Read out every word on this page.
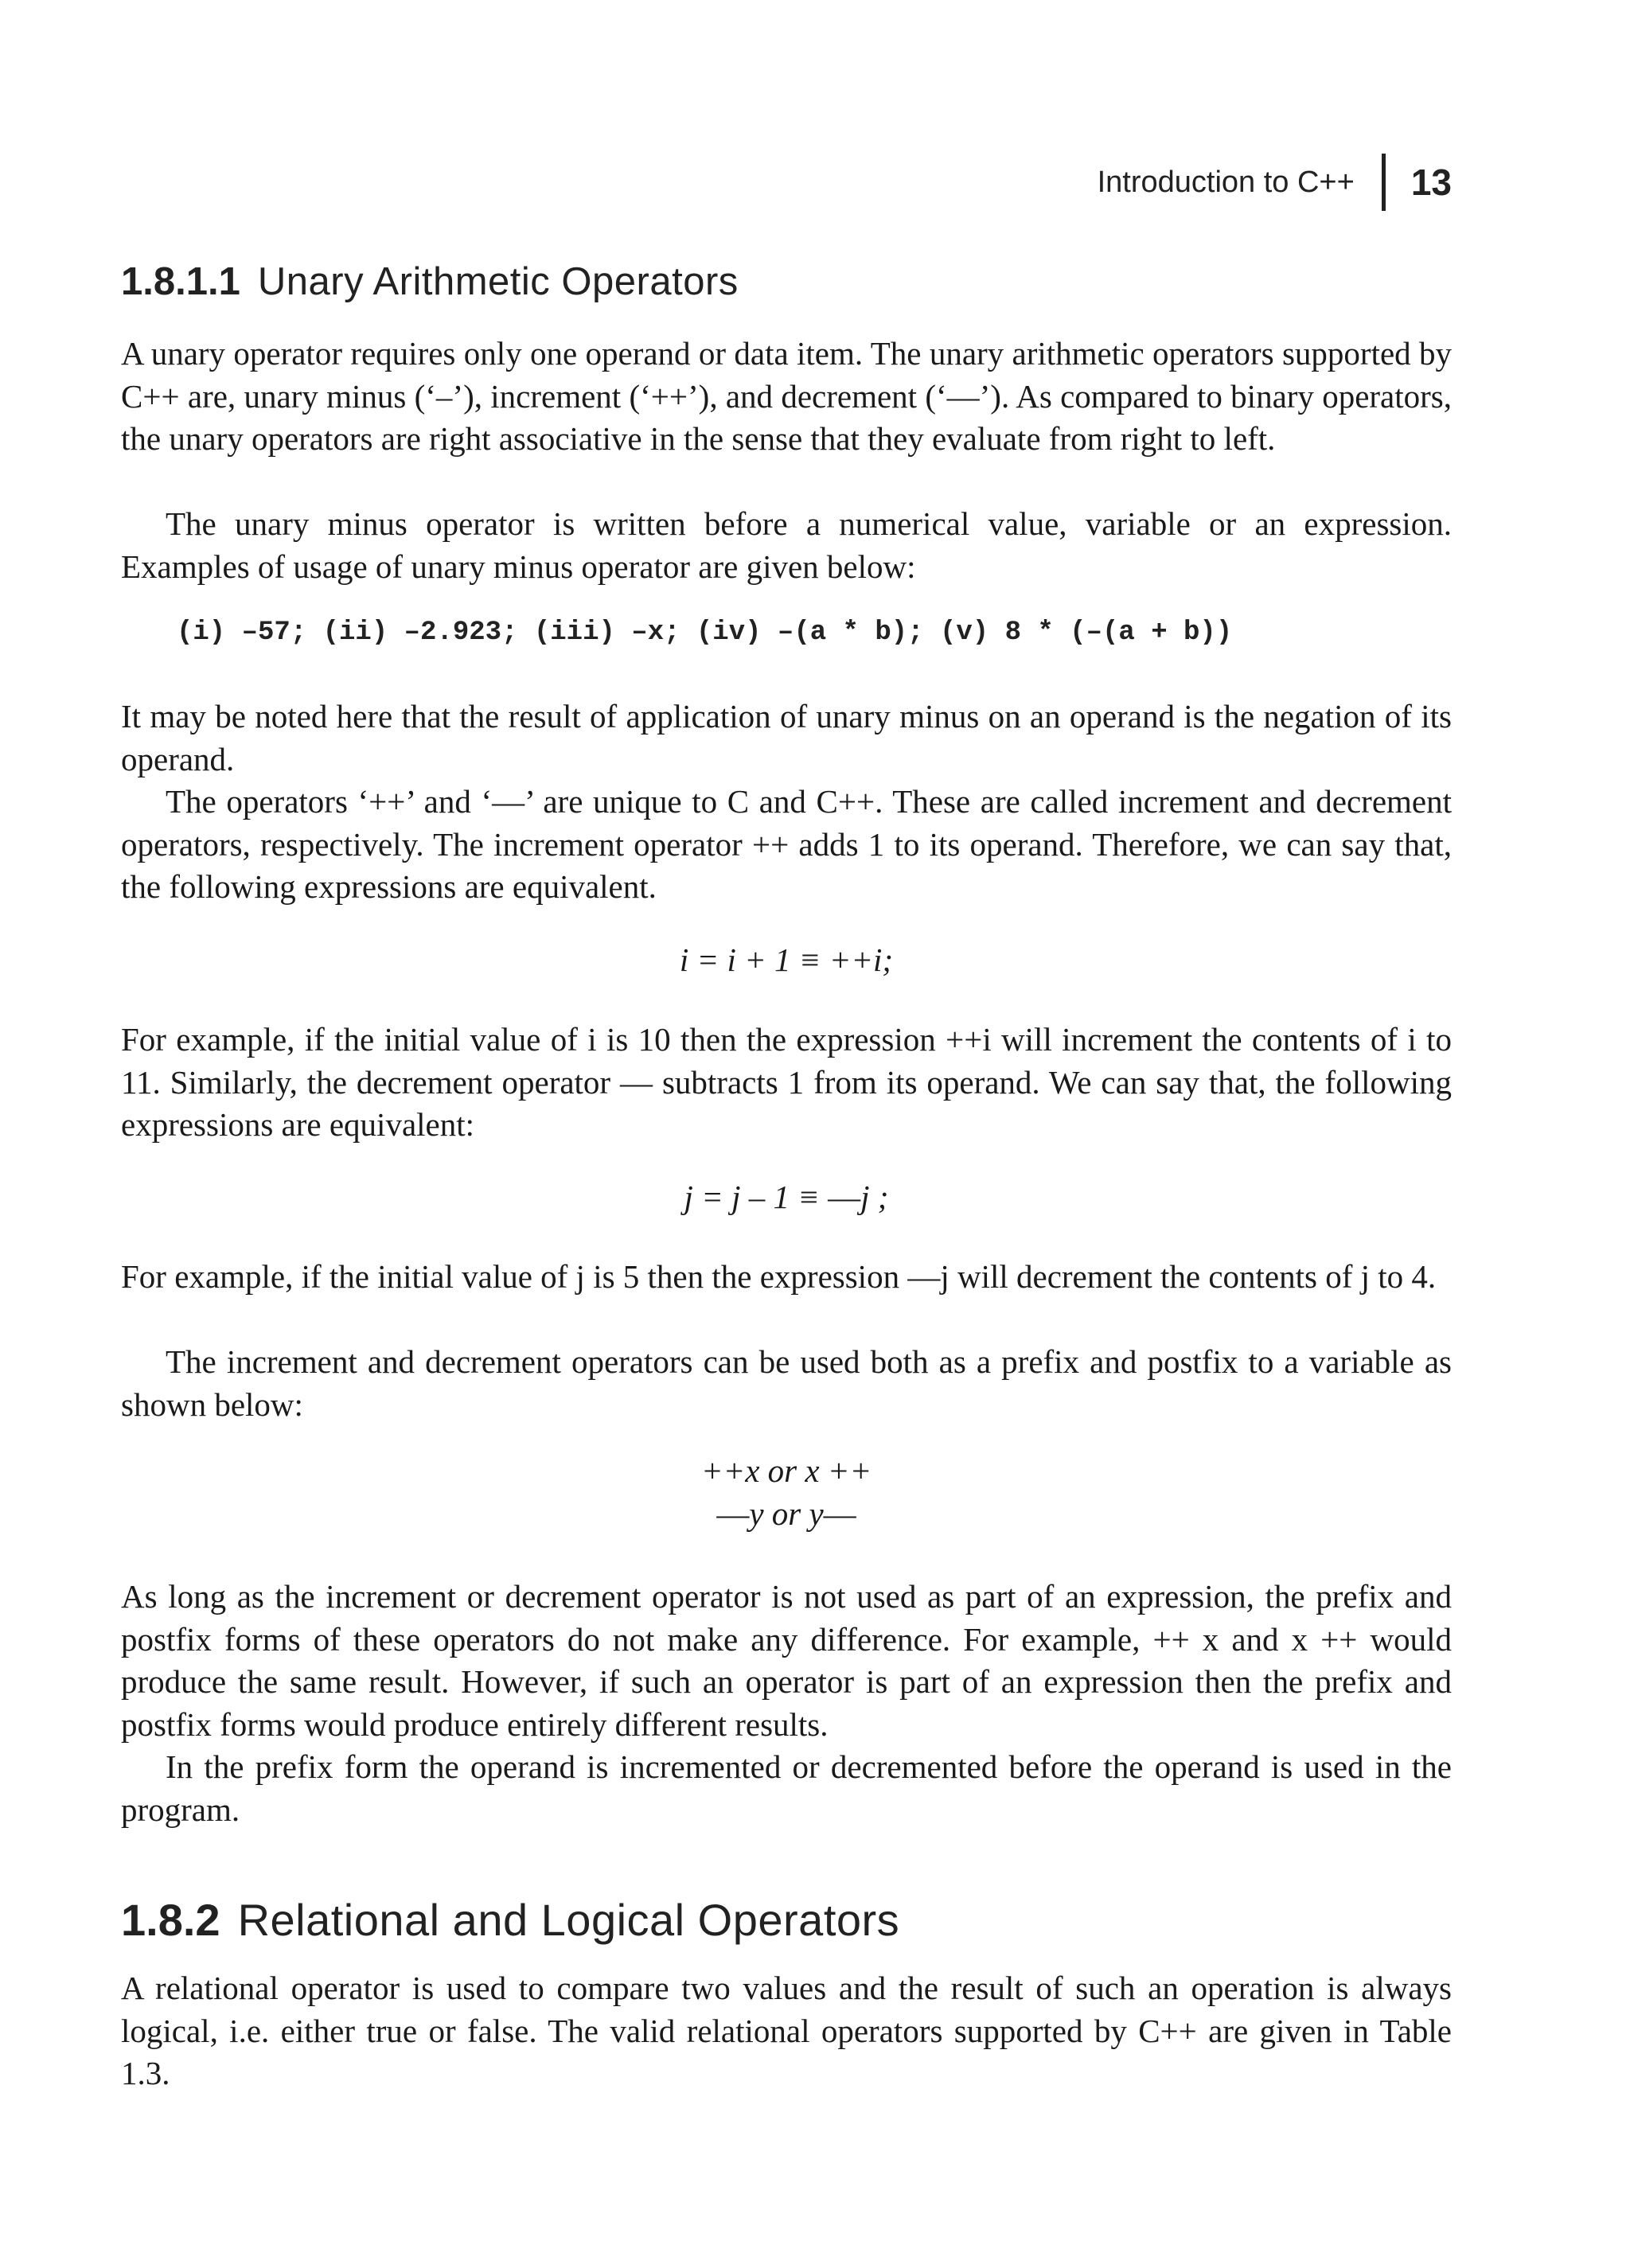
Introduction to C++ 13
1.8.1.1 Unary Arithmetic Operators

A unary operator requires only one operand or data item. The unary arithmetic operators supported by C++ are, unary minus (‘–’), increment (‘++’), and decrement (‘––’). As compared to binary operators, the unary operators are right associative in the sense that they evaluate from right to left.

The unary minus operator is written before a numerical value, variable or an expression. Examples of usage of unary minus operator are given below:

(i) –57; (ii) –2.923; (iii) –x; (iv) –(a * b); (v) 8 * (–(a + b))

It may be noted here that the result of application of unary minus on an operand is the negation of its operand.

The operators ‘++’ and ‘––’ are unique to C and C++. These are called increment and decrement operators, respectively. The increment operator ++ adds 1 to its operand. Therefore, we can say that, the following expressions are equivalent.

i = i + 1 ≡ ++i;

For example, if the initial value of i is 10 then the expression ++i will increment the contents of i to 11. Similarly, the decrement operator –– subtracts 1 from its operand. We can say that, the following expressions are equivalent:

j = j – 1 ≡ ––j ;

For example, if the initial value of j is 5 then the expression ––j will decrement the contents of j to 4.

The increment and decrement operators can be used both as a prefix and postfix to a variable as shown below:

++x or x ++
––y or y––

As long as the increment or decrement operator is not used as part of an expression, the prefix and postfix forms of these operators do not make any difference. For example, ++ x and x ++ would produce the same result. However, if such an operator is part of an expression then the prefix and postfix forms would produce entirely different results.

In the prefix form the operand is incremented or decremented before the operand is used in the program.

1.8.2 Relational and Logical Operators

A relational operator is used to compare two values and the result of such an operation is always logical, i.e. either true or false. The valid relational operators supported by C++ are given in Table 1.3.
